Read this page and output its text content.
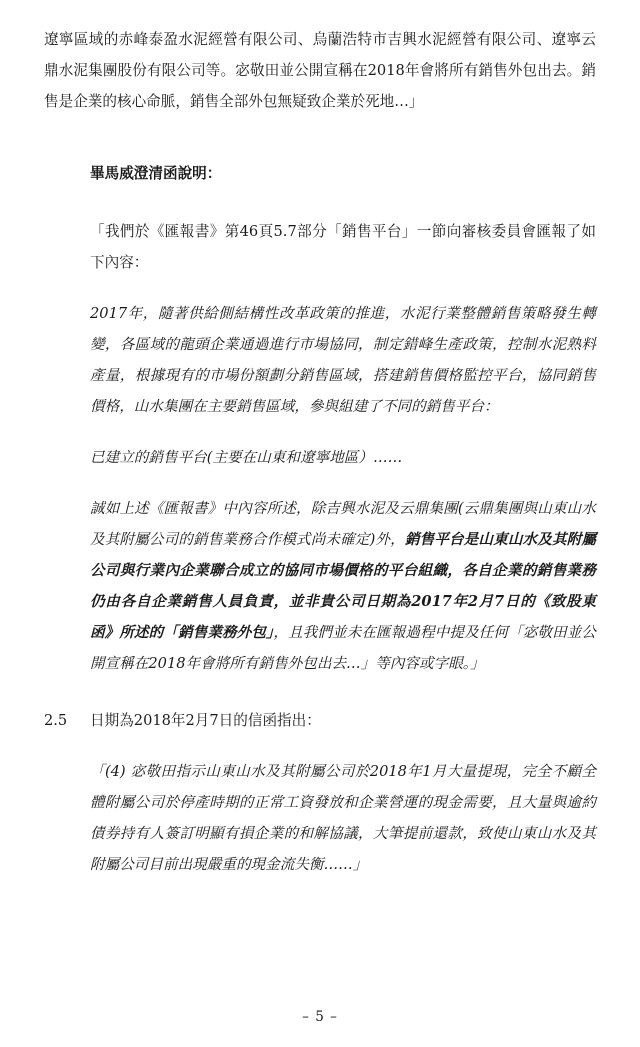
遼寧區域的赤峰泰盈水泥經營有限公司、烏蘭浩特市吉興水泥經營有限公司、遼寧云鼎水泥集團股份有限公司等。宓敬田並公開宣稱在2018年會將所有銷售外包出去。銷售是企業的核心命脈，銷售全部外包無疑致企業於死地…」

畢馬威澄清函說明：

「我們於《匯報書》第46頁5.7部分「銷售平台」一節向審核委員會匯報了如下內容：

2017年，隨著供給側結構性改革政策的推進，水泥行業整體銷售策略發生轉變，各區域的龍頭企業通過進行市場協同，制定錯峰生產政策，控制水泥熟料產量，根據現有的市場份額劃分銷售區域，搭建銷售價格監控平台，協同銷售價格，山水集團在主要銷售區域，參與組建了不同的銷售平台：

已建立的銷售平台(主要在山東和遼寧地區）……

誠如上述《匯報書》中內容所述，除吉興水泥及云鼎集團(云鼎集團與山東山水及其附屬公司的銷售業務合作模式尚未確定)外，銷售平台是山東山水及其附屬公司與行業內企業聯合成立的協同市場價格的平台組織，各自企業的銷售業務仍由各自企業銷售人員負責，並非貴公司日期為2017年2月7日的《致股東函》所述的「銷售業務外包」，且我們並未在匯報過程中提及任何「宓敬田並公開宣稱在2018年會將所有銷售外包出去…」等內容或字眼。」

2.5	日期為2018年2月7日的信函指出：

「(4) 宓敬田指示山東山水及其附屬公司於2018年1月大量提現，完全不顧全體附屬公司於停產時期的正常工資發放和企業營運的現金需要，且大量與逾約債券持有人簽訂明顯有損企業的和解協議，大筆提前還款，致使山東山水及其附屬公司目前出現嚴重的現金流失衡……」

– 5 –
